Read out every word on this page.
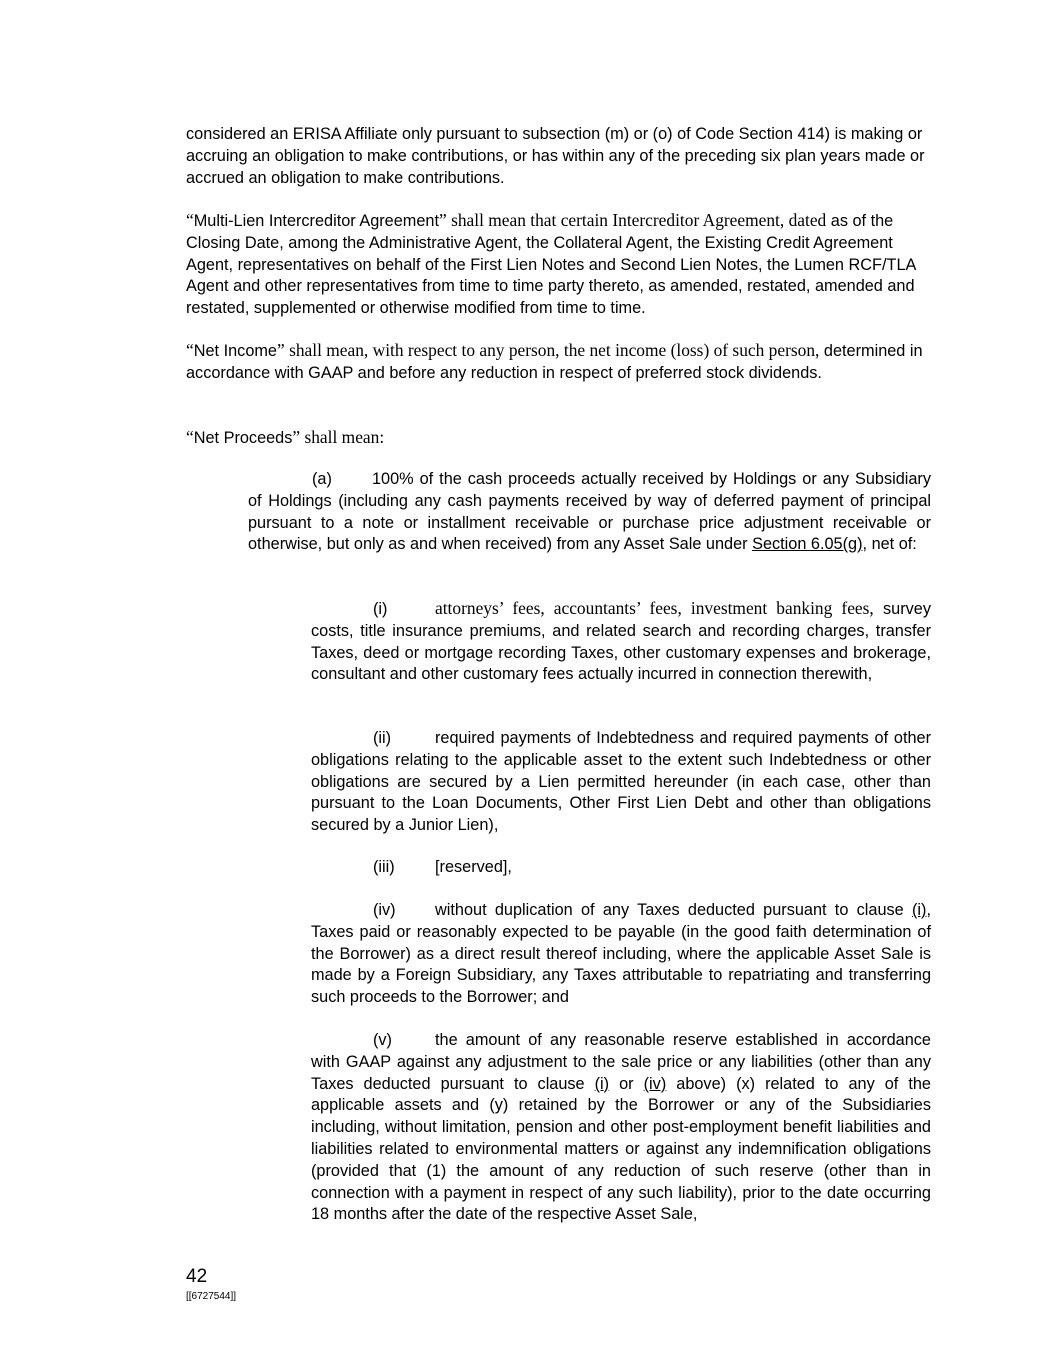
considered an ERISA Affiliate only pursuant to subsection (m) or (o) of Code Section 414) is making or accruing an obligation to make contributions, or has within any of the preceding six plan years made or accrued an obligation to make contributions.

“Multi-Lien Intercreditor Agreement” shall mean that certain Intercreditor Agreement, dated as of the Closing Date, among the Administrative Agent, the Collateral Agent, the Existing Credit Agreement Agent, representatives on behalf of the First Lien Notes and Second Lien Notes, the Lumen RCF/TLA Agent and other representatives from time to time party thereto, as amended, restated, amended and restated, supplemented or otherwise modified from time to time.

“Net Income” shall mean, with respect to any person, the net income (loss) of such person, determined in accordance with GAAP and before any reduction in respect of preferred stock dividends.

“Net Proceeds” shall mean:

(a) 100% of the cash proceeds actually received by Holdings or any Subsidiary of Holdings (including any cash payments received by way of deferred payment of principal pursuant to a note or installment receivable or purchase price adjustment receivable or otherwise, but only as and when received) from any Asset Sale under Section 6.05(g), net of:

(i)	attorneys’ fees, accountants’ fees, investment banking fees, survey costs, title insurance premiums, and related search and recording charges, transfer Taxes, deed or mortgage recording Taxes, other customary expenses and brokerage, consultant and other customary fees actually incurred in connection therewith,

(ii)	required payments of Indebtedness and required payments of other obligations relating to the applicable asset to the extent such Indebtedness or other obligations are secured by a Lien permitted hereunder (in each case, other than pursuant to the Loan Documents, Other First Lien Debt and other than obligations secured by a Junior Lien),

(iii) [reserved],

(iv) without duplication of any Taxes deducted pursuant to clause (i), Taxes paid or reasonably expected to be payable (in the good faith determination of the Borrower) as a direct result thereof including, where the applicable Asset Sale is made by a Foreign Subsidiary, any Taxes attributable to repatriating and transferring such proceeds to the Borrower; and

(v)	the amount of any reasonable reserve established in accordance with GAAP against any adjustment to the sale price or any liabilities (other than any Taxes deducted pursuant to clause (i) or (iv) above) (x) related to any of the applicable assets and (y) retained by the Borrower or any of the Subsidiaries including, without limitation, pension and other post-employment benefit liabilities and liabilities related to environmental matters or against any indemnification obligations (provided that (1) the amount of any reduction of such reserve (other than in connection with a payment in respect of any such liability), prior to the date occurring 18 months after the date of the respective Asset Sale,

42
[[6727544]]
